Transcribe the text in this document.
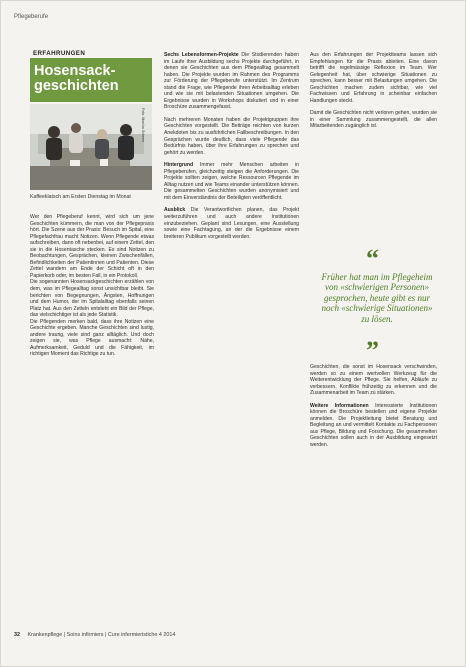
Pflegeberufe
ERFAHRUNGEN
Hosensack-geschichten
Foto: Monika Scherer
Kaffeeklatsch am Ersten Dienstag im Monat

Wer den Pflegeberuf kennt, wird sich um jene Geschichten kümmern, die man von der Pflegepraxis hört. Die Szene aus der Praxis: Besuch im Spital, eine Pflegefachfrau macht Notizen. Wenn Pflegende etwas aufschreiben, dann oft nebenbei, auf einem Zettel, den sie in die Hosentasche stecken. Es sind Notizen zu Beobachtungen, Gesprächen, kleinen Zwischenfällen, Befindlichkeiten der Patientinnen und Patienten. Diese Zettel wandern am Ende der Schicht oft in den Papierkorb oder, im besten Fall, in ein Protokoll.

Die sogenannten Hosensackgeschichten erzählen von dem, was im Pflegealltag sonst unsichtbar bleibt. Sie berichten von Begegnungen, Ängsten, Hoffnungen und dem Humor, der im Spitalalltag ebenfalls seinen Platz hat. Aus den Zetteln entsteht ein Bild der Pflege, das vielschichtiger ist als jede Statistik.

Die Pflegenden merken bald, dass ihre Notizen eine Geschichte ergeben. Manche Geschichten sind lustig, andere traurig, viele sind ganz alltäglich. Und doch zeigen sie, was Pflege ausmacht: Nähe, Aufmerksamkeit, Geduld und die Fähigkeit, im richtigen Moment das Richtige zu tun.

Sechs Lebensformen-Projekte Die Studierenden haben im Laufe ihrer Ausbildung sechs Projekte durchgeführt, in denen sie Geschichten aus dem Pflegealltag gesammelt haben. Die Projekte wurden im Rahmen des Programms zur Förderung der Pflegeberufe unterstützt. Im Zentrum stand die Frage, wie Pflegende ihren Arbeitsalltag erleben und wie sie mit belastenden Situationen umgehen. Die Ergebnisse wurden in Workshops diskutiert und in einer Broschüre zusammengefasst.

Nach mehreren Monaten haben die Projektgruppen ihre Geschichten vorgestellt. Die Beiträge reichten von kurzen Anekdoten bis zu ausführlichen Fallbeschreibungen. In den Gesprächen wurde deutlich, dass viele Pflegende das Bedürfnis haben, über ihre Erfahrungen zu sprechen und gehört zu werden.

Hintergrund Immer mehr Menschen arbeiten in Pflegeberufen, gleichzeitig steigen die Anforderungen. Die Projekte sollten zeigen, welche Ressourcen Pflegende im Alltag nutzen und wie Teams einander unterstützen können. Die gesammelten Geschichten wurden anonymisiert und mit dem Einverständnis der Beteiligten veröffentlicht.

Ausblick Die Verantwortlichen planen, das Projekt weiterzuführen und auch andere Institutionen einzubeziehen. Geplant sind Lesungen, eine Ausstellung sowie eine Fachtagung, an der die Ergebnisse einem breiteren Publikum vorgestellt werden.

Aus den Erfahrungen der Projektteams lassen sich Empfehlungen für die Praxis ableiten. Eine davon betrifft die regelmässige Reflexion im Team. Wer Gelegenheit hat, über schwierige Situationen zu sprechen, kann besser mit Belastungen umgehen. Die Geschichten machen zudem sichtbar, wie viel Fachwissen und Erfahrung in scheinbar einfachen Handlungen steckt.

Damit die Geschichten nicht verloren gehen, wurden sie in einer Sammlung zusammengestellt, die allen Mitarbeitenden zugänglich ist.

“
Früher hat man im Pflegeheim von «schwierigen Personen» gesprochen, heute gibt es nur noch «schwierige Situationen» zu lösen.
”

Geschichten, die sonst im Hosensack verschwinden, werden so zu einem wertvollen Werkzeug für die Weiterentwicklung der Pflege. Sie helfen, Abläufe zu verbessern, Konflikte frühzeitig zu erkennen und die Zusammenarbeit im Team zu stärken.

Weitere Informationen Interessierte Institutionen können die Broschüre bestellen und eigene Projekte anmelden. Die Projektleitung bietet Beratung und Begleitung an und vermittelt Kontakte zu Fachpersonen aus Pflege, Bildung und Forschung. Die gesammelten Geschichten sollen auch in der Ausbildung eingesetzt werden.

32 Krankenpflege | Soins infirmiers | Cure infermieristiche 4 2014
